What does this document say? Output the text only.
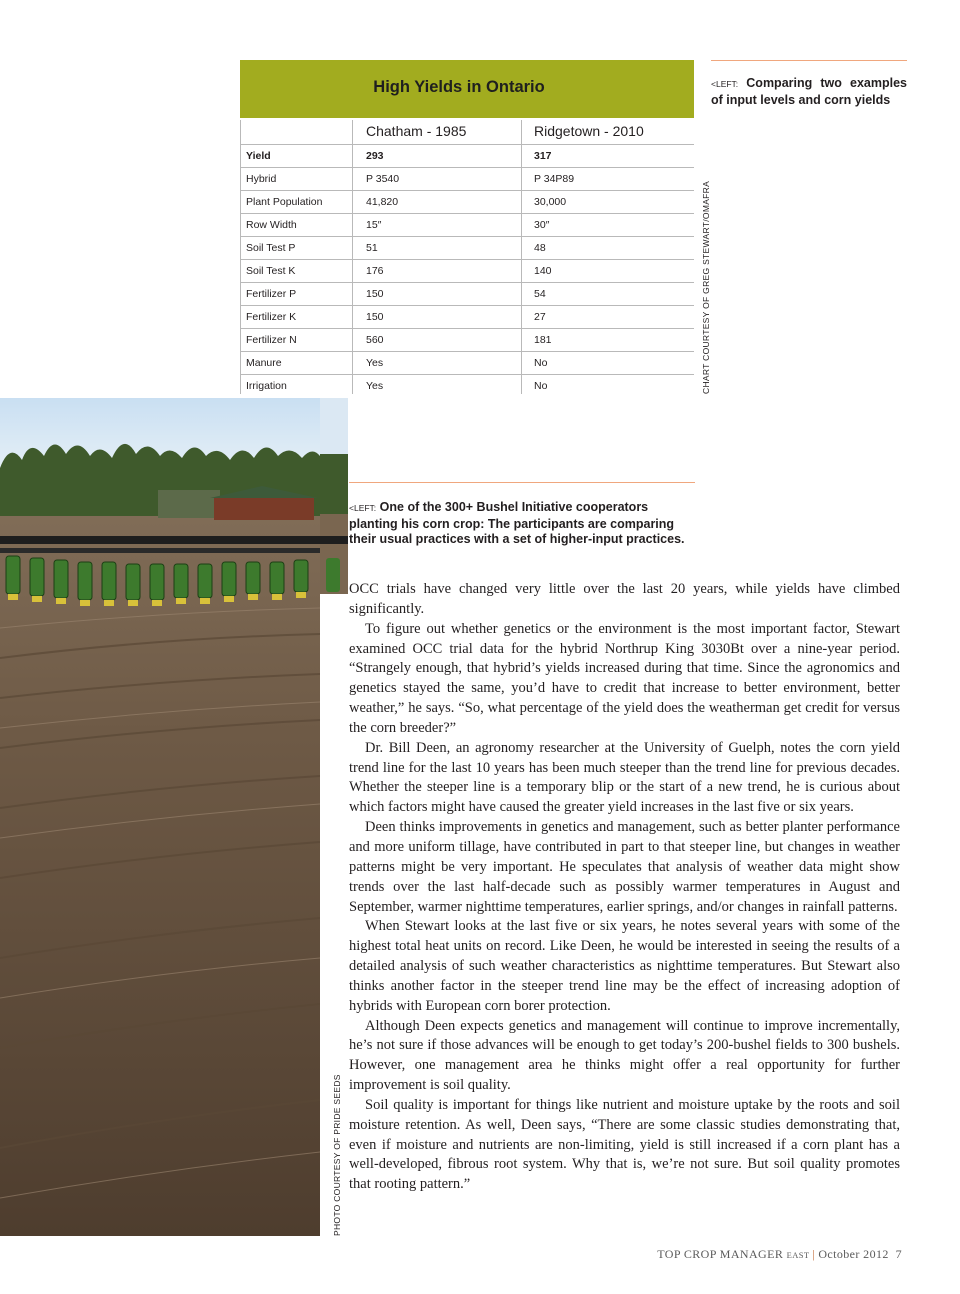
PHOTO COURTESY OF PRIDE SEEDS
High Yields in Ontario
Chatham - 1985	Ridgetown - 2010
Yield	293	317
Hybrid	P 3540	P 34P89
Plant Population	41,820	30,000
Row Width	15″	30″
Soil Test P	51	48
Soil Test K	176	140
Fertilizer P	150	54
Fertilizer K	150	27
Fertilizer N	560	181
Manure	Yes	No
Irrigation	Yes	No	CHART COURTESY OF GREG STEWART/OMAFRA
<LEFT: Comparing two examples of input levels and corn yields
<LEFT: One of the 300+ Bushel Initiative cooperators planting his corn crop: The participants are comparing their usual practices with a set of higher-input practices.

OCC trials have changed very little over the last 20 years, while yields have climbed significantly.

To figure out whether genetics or the environment is the most important factor, Stewart examined OCC trial data for the hybrid Northrup King 3030Bt over a nine-year period. “Strangely enough, that hybrid’s yields increased during that time. Since the agronomics and genetics stayed the same, you’d have to credit that increase to better environment, better weather,” he says. “So, what percentage of the yield does the weatherman get credit for versus the corn breeder?”

Dr. Bill Deen, an agronomy researcher at the University of Guelph, notes the corn yield trend line for the last 10 years has been much steeper than the trend line for previous decades. Whether the steeper line is a temporary blip or the start of a new trend, he is curious about which factors might have caused the greater yield increases in the last five or six years.

Deen thinks improvements in genetics and management, such as better planter performance and more uniform tillage, have contributed in part to that steeper line, but changes in weather patterns might be very important. He speculates that analysis of weather data might show trends over the last half-decade such as possibly warmer temperatures in August and September, warmer nighttime temperatures, earlier springs, and/or changes in rainfall patterns.

When Stewart looks at the last five or six years, he notes several years with some of the highest total heat units on record. Like Deen, he would be interested in seeing the results of a detailed analysis of such weather characteristics as nighttime temperatures. But Stewart also thinks another factor in the steeper trend line may be the effect of increasing adoption of hybrids with European corn borer protection.

Although Deen expects genetics and management will continue to improve incrementally, he’s not sure if those advances will be enough to get today’s 200-bushel fields to 300 bushels. However, one management area he thinks might offer a real opportunity for further improvement is soil quality.

Soil quality is important for things like nutrient and moisture uptake by the roots and soil moisture retention. As well, Deen says, “There are some classic studies demonstrating that, even if moisture and nutrients are non-limiting, yield is still increased if a corn plant has a well-developed, fibrous root system. Why that is, we’re not sure. But soil quality promotes that rooting pattern.”

TOP CROP MANAGER EAST | October 2012 7
